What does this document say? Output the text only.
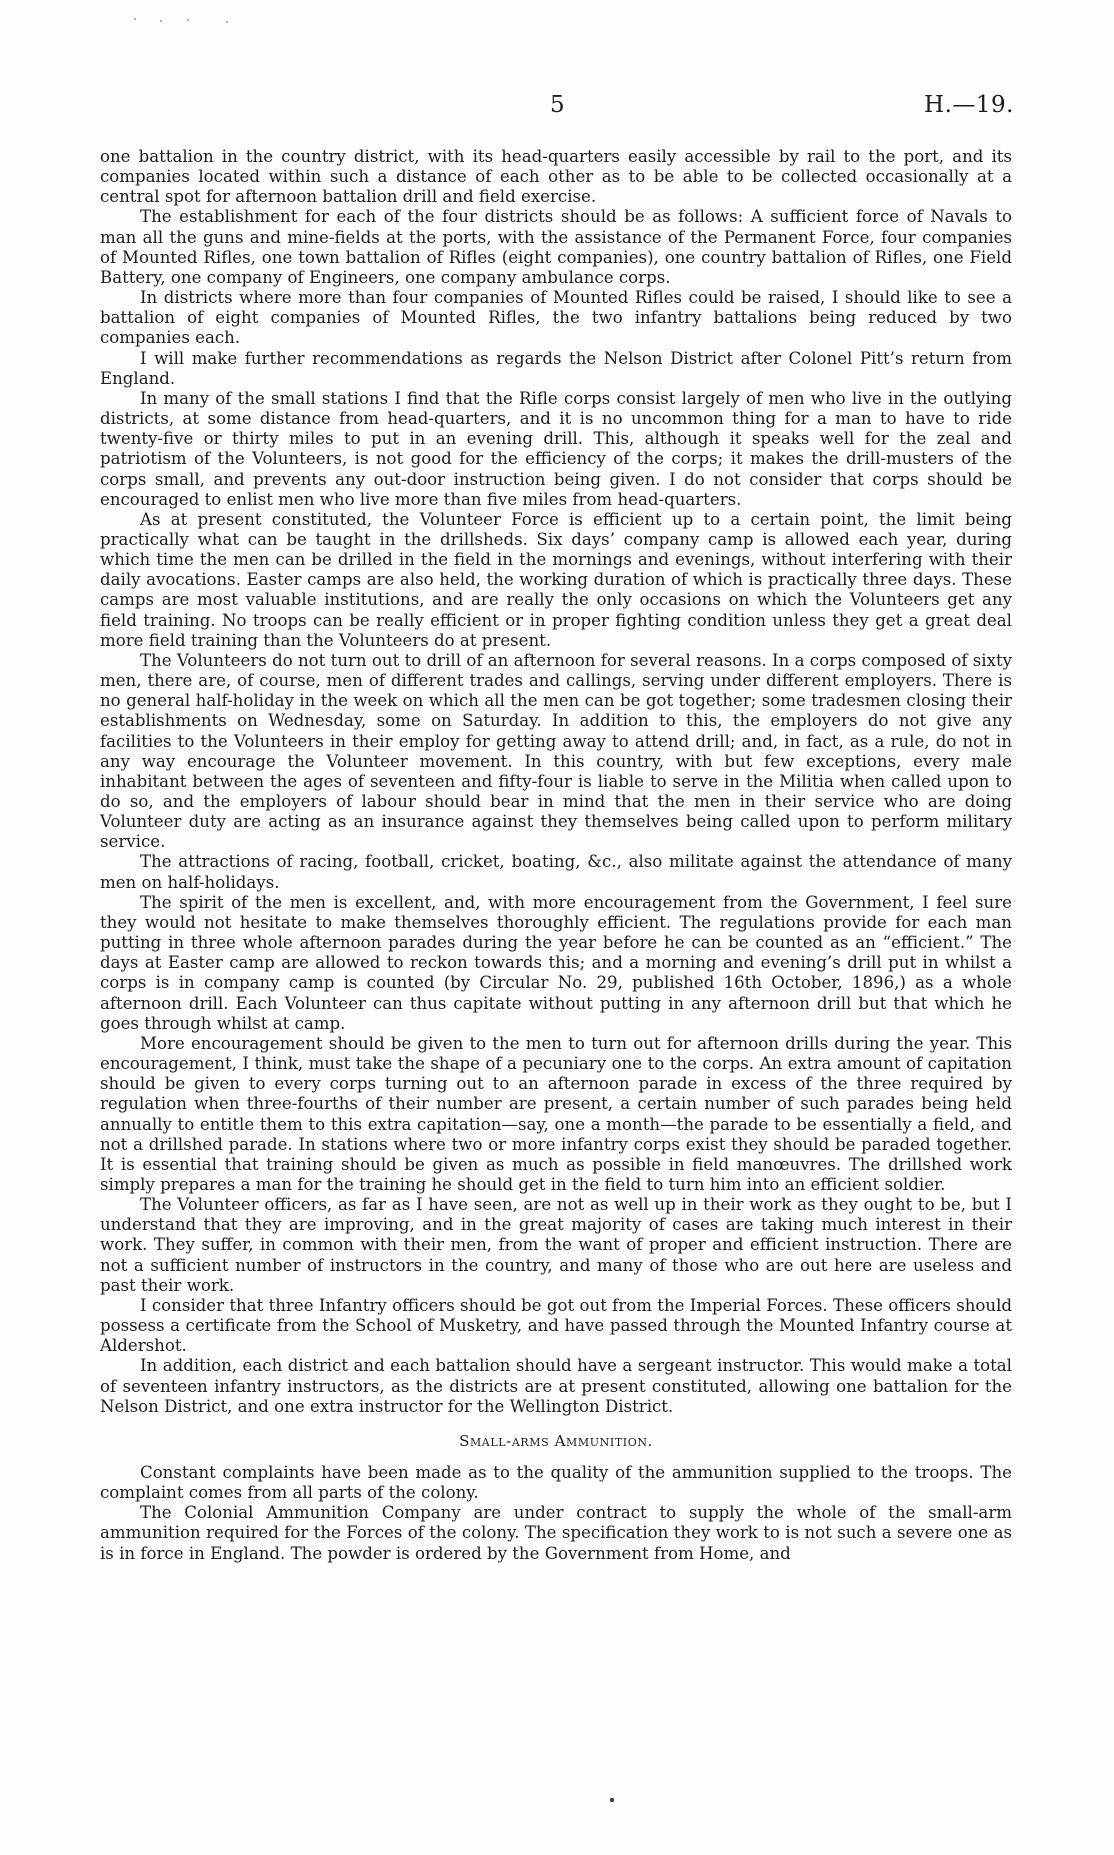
5	H.—19.

one battalion in the country district, with its head-quarters easily accessible by rail to the port, and its companies located within such a distance of each other as to be able to be collected occasionally at a central spot for afternoon battalion drill and field exercise.

The establishment for each of the four districts should be as follows: A sufficient force of Navals to man all the guns and mine-fields at the ports, with the assistance of the Permanent Force, four companies of Mounted Rifles, one town battalion of Rifles (eight companies), one country battalion of Rifles, one Field Battery, one company of Engineers, one company ambulance corps.

In districts where more than four companies of Mounted Rifles could be raised, I should like to see a battalion of eight companies of Mounted Rifles, the two infantry battalions being reduced by two companies each.

I will make further recommendations as regards the Nelson District after Colonel Pitt’s return from England.

In many of the small stations I find that the Rifle corps consist largely of men who live in the outlying districts, at some distance from head-quarters, and it is no uncommon thing for a man to have to ride twenty-five or thirty miles to put in an evening drill. This, although it speaks well for the zeal and patriotism of the Volunteers, is not good for the efficiency of the corps; it makes the drill-musters of the corps small, and prevents any out-door instruction being given. I do not consider that corps should be encouraged to enlist men who live more than five miles from head-quarters.

As at present constituted, the Volunteer Force is efficient up to a certain point, the limit being practically what can be taught in the drillsheds. Six days’ company camp is allowed each year, during which time the men can be drilled in the field in the mornings and evenings, without interfering with their daily avocations. Easter camps are also held, the working duration of which is practically three days. These camps are most valuable institutions, and are really the only occasions on which the Volunteers get any field training. No troops can be really efficient or in proper fighting condition unless they get a great deal more field training than the Volunteers do at present.

The Volunteers do not turn out to drill of an afternoon for several reasons. In a corps composed of sixty men, there are, of course, men of different trades and callings, serving under different employers. There is no general half-holiday in the week on which all the men can be got together; some tradesmen closing their establishments on Wednesday, some on Saturday. In addition to this, the employers do not give any facilities to the Volunteers in their employ for getting away to attend drill; and, in fact, as a rule, do not in any way encourage the Volunteer movement. In this country, with but few exceptions, every male inhabitant between the ages of seventeen and fifty-four is liable to serve in the Militia when called upon to do so, and the employers of labour should bear in mind that the men in their service who are doing Volunteer duty are acting as an insurance against they themselves being called upon to perform military service.

The attractions of racing, football, cricket, boating, &c., also militate against the attendance of many men on half-holidays.

The spirit of the men is excellent, and, with more encouragement from the Government, I feel sure they would not hesitate to make themselves thoroughly efficient. The regulations provide for each man putting in three whole afternoon parades during the year before he can be counted as an “efficient.” The days at Easter camp are allowed to reckon towards this; and a morning and evening’s drill put in whilst a corps is in company camp is counted (by Circular No. 29, published 16th October, 1896,) as a whole afternoon drill. Each Volunteer can thus capitate without putting in any afternoon drill but that which he goes through whilst at camp.

More encouragement should be given to the men to turn out for afternoon drills during the year. This encouragement, I think, must take the shape of a pecuniary one to the corps. An extra amount of capitation should be given to every corps turning out to an afternoon parade in excess of the three required by regulation when three-fourths of their number are present, a certain number of such parades being held annually to entitle them to this extra capitation—say, one a month—the parade to be essentially a field, and not a drillshed parade. In stations where two or more infantry corps exist they should be paraded together. It is essential that training should be given as much as possible in field manœuvres. The drillshed work simply prepares a man for the training he should get in the field to turn him into an efficient soldier.

The Volunteer officers, as far as I have seen, are not as well up in their work as they ought to be, but I understand that they are improving, and in the great majority of cases are taking much interest in their work. They suffer, in common with their men, from the want of proper and efficient instruction. There are not a sufficient number of instructors in the country, and many of those who are out here are useless and past their work.

I consider that three Infantry officers should be got out from the Imperial Forces. These officers should possess a certificate from the School of Musketry, and have passed through the Mounted Infantry course at Aldershot.

In addition, each district and each battalion should have a sergeant instructor. This would make a total of seventeen infantry instructors, as the districts are at present constituted, allowing one battalion for the Nelson District, and one extra instructor for the Wellington District.

Small-arms Ammunition.

Constant complaints have been made as to the quality of the ammunition supplied to the troops. The complaint comes from all parts of the colony.

The Colonial Ammunition Company are under contract to supply the whole of the small-arm ammunition required for the Forces of the colony. The specification they work to is not such a severe one as is in force in England. The powder is ordered by the Government from Home, and
